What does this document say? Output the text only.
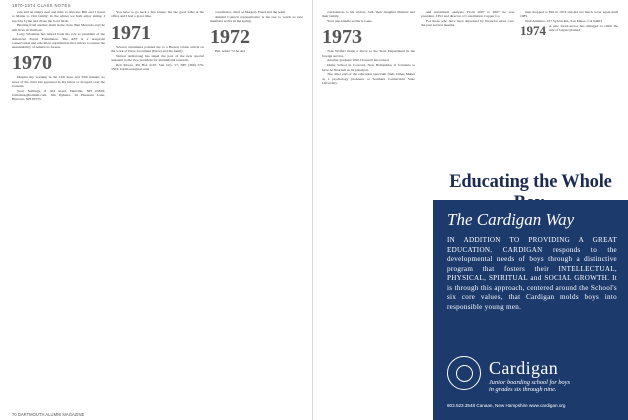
1970-1974 CLASS NOTES

role and an empty nest and time to relocate. Bill and I travel to Maine to visit family; in the winter we both enjoy skiing. I teach in Lyme and chase the local birds.

Hearing from another alum in the class, Ben Mercado says he still lives in Vermont.

Larry Wiseman has retired from his role as president of the American Forest Foundation. The AFF is a nonprofit conservation and education organization that strives to ensure the sustainability of America's forests.

1970

Despite my warning in the 12th hour and 59th minute, no news of the class has appeared in my inbox or dropped over the transom.

Scott Stallings, 8 Old Road, Danville, NH 03819; bollomus@hotmail.com. Jim Dykstra, 19 Pheasant Lane, Hanover, NH 03755.

You have to go back a few issues, but the good folks at the office and I had a great time.

1971

Several classmates pointed me to a Boston Globe article on the work of Dave Grossman (Dave) and his family.

Nelson Armstrong has taken the post of the new special assistant to the vice president for institutional research.

Rob Moore, PO Box 2197, Sun City, 57; NH; (360) 270-3503; bobmoore@aol.com

coordinator, chief of Margery Freed and the team.

Alumni Council representative is the one to watch as new members arrive in the spring.

1972

Hal, noble '72 he and

70 DARTMOUTH ALUMNI MAGAZINE

condolences to his widow, Jodi, their daughter Melissa and their family.

Your one-bundle scribe is Gene.

1973

Tom Wolfert made a move to the State Department in the foreign service.

Another graduate Walt Clenwell has retired.

Dame School in Concord, New Hampshire, is fortunate to have Al Nearnall as its principal.

The other end of the education spectrum finds James Maher as a psychology professor at Southern Connecticut State University.

and investment analysis. From 2007 to 2007 he was president, CEO and director of Constitution Copper Co.

For those who have been depressed by financial news over the past several months.

then dropped to $50 in 1974 and did not much cover again until 1985.

Walt Armento, 227 Sylvan Rd., San Mateo, CA 94403

1974 A new forest-sector has emerged to claim the title of largest planted

Educating the Whole
The Cardigan Way
IN ADDITION TO PROVIDING A GREAT EDUCATION, CARDIGAN responds to the developmental needs of boys through a distinctive program that fosters their INTELLECTUAL, PHYSICAL, SPIRITUAL and SOCIAL GROWTH. It is through this approach, centered around the School's six core values, that Cardigan molds boys into responsible young men.
Cardigan
Junior boarding school for boys
in grades six through nine.
603.523.3548 Canaan, New Hampshire www.cardigan.org
